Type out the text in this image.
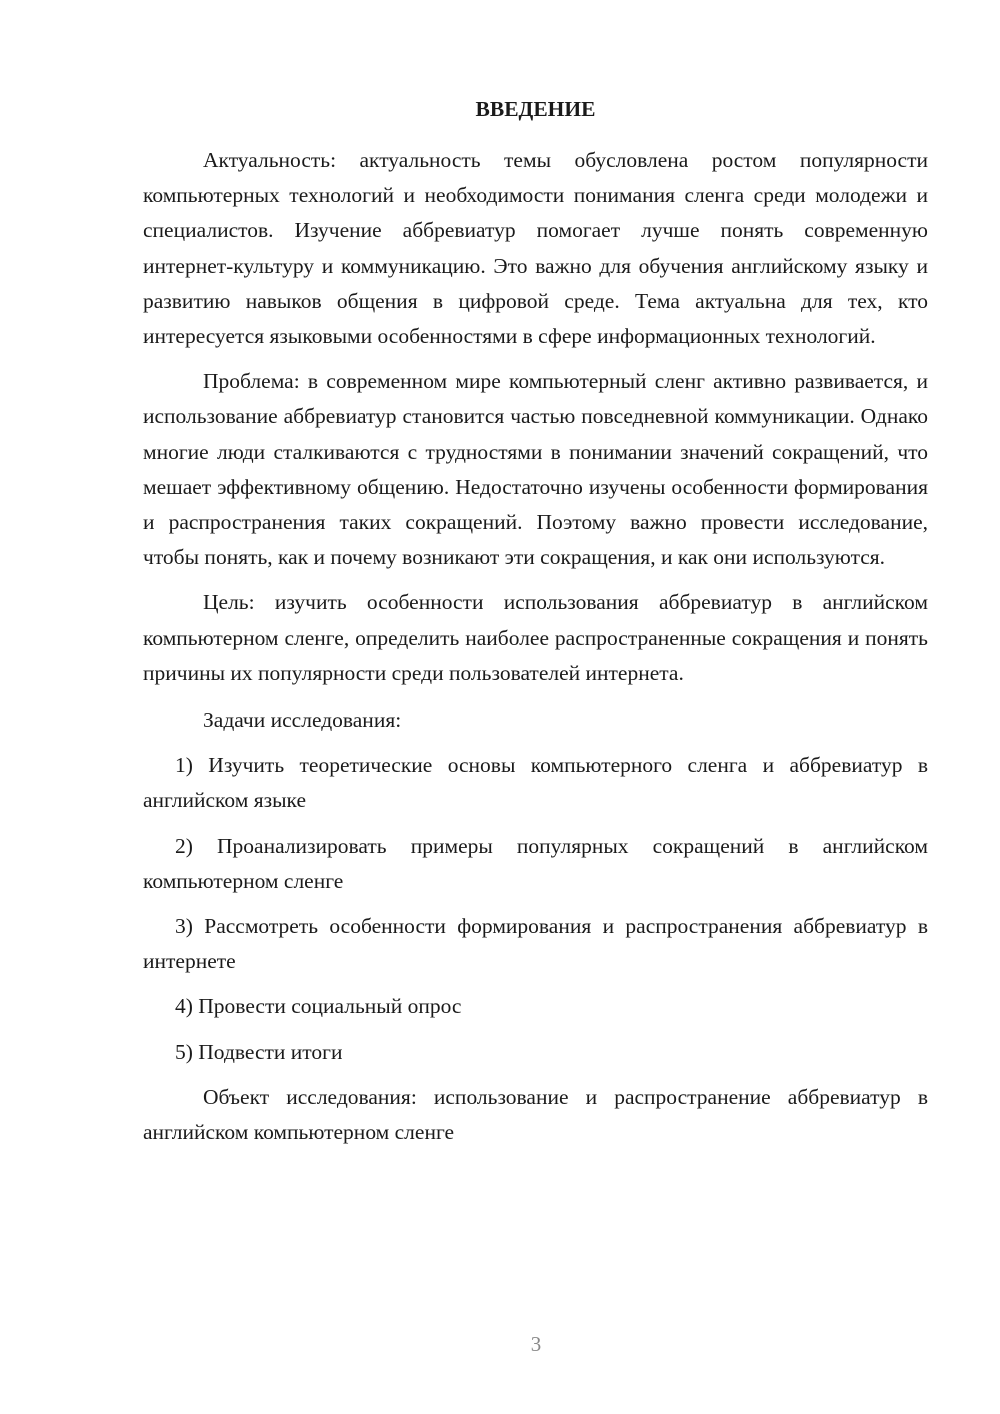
ВВЕДЕНИЕ

Актуальность: актуальность темы обусловлена ростом популярности компьютерных технологий и необходимости понимания сленга среди молодежи и специалистов. Изучение аббревиатур помогает лучше понять современную интернет-культуру и коммуникацию. Это важно для обучения английскому языку и развитию навыков общения в цифровой среде. Тема актуальна для тех, кто интересуется языковыми особенностями в сфере информационных технологий.

Проблема: в современном мире компьютерный сленг активно развивается, и использование аббревиатур становится частью повседневной коммуникации. Однако многие люди сталкиваются с трудностями в понимании значений сокращений, что мешает эффективному общению. Недостаточно изучены особенности формирования и распространения таких сокращений. Поэтому важно провести исследование, чтобы понять, как и почему возникают эти сокращения, и как они используются.

Цель: изучить особенности использования аббревиатур в английском компьютерном сленге, определить наиболее распространенные сокращения и понять причины их популярности среди пользователей интернета.

Задачи исследования:

1) Изучить теоретические основы компьютерного сленга и аббревиатур в английском языке

2) Проанализировать примеры популярных сокращений в английском компьютерном сленге

3) Рассмотреть особенности формирования и распространения аббревиатур в интернете

4) Провести социальный опрос

5) Подвести итоги

Объект исследования: использование и распространение аббревиатур в английском компьютерном сленге

3
